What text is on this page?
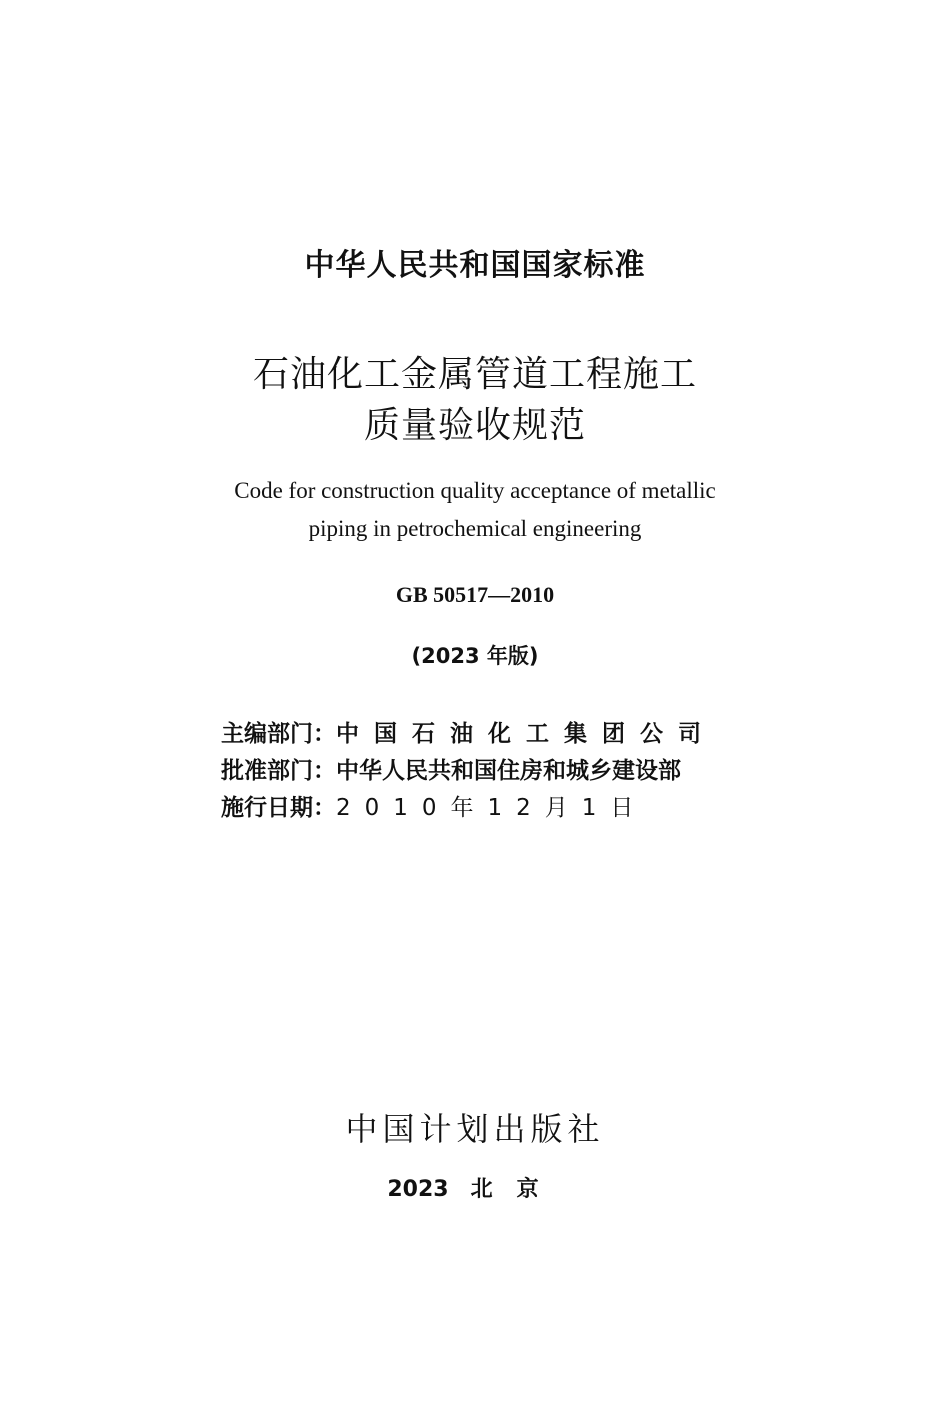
中华人民共和国国家标准
石油化工金属管道工程施工
质量验收规范
Code for construction quality acceptance of metallic
piping in petrochemical engineering
GB 50517—2010
(2023 年版)
主编部门： 中国石油化工集团公司
批准部门： 中华人民共和国住房和城乡建设部
施行日期： 2010年12月1日
中国计划出版社
2023 北京
